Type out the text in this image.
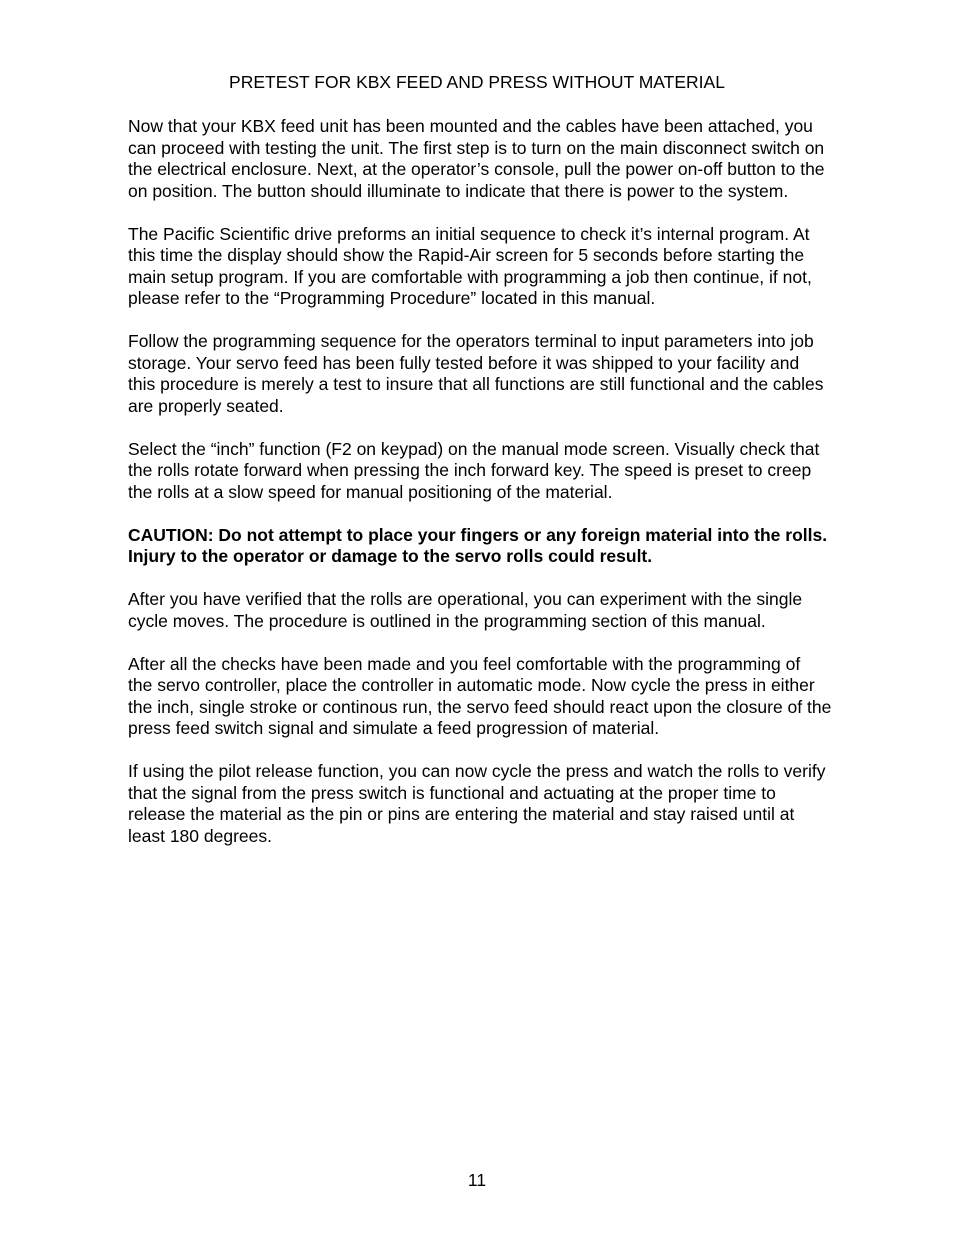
PRETEST FOR KBX FEED AND PRESS WITHOUT MATERIAL

Now that your KBX feed unit has been mounted and the cables have been attached, you
can proceed with testing the unit. The first step is to turn on the main disconnect switch on
the electrical enclosure. Next, at the operator’s console, pull the power on-off button to the
on position. The button should illuminate to indicate that there is power to the system.

The Pacific Scientific drive preforms an initial sequence to check it’s internal program. At
this time the display should show the Rapid-Air screen for 5 seconds before starting the
main setup program. If you are comfortable with programming a job then continue, if not,
please refer to the “Programming Procedure” located in this manual.

Follow the programming sequence for the operators terminal to input parameters into job
storage. Your servo feed has been fully tested before it was shipped to your facility and
this procedure is merely a test to insure that all functions are still functional and the cables
are properly seated.

Select the “inch” function (F2 on keypad) on the manual mode screen. Visually check that
the rolls rotate forward when pressing the inch forward key. The speed is preset to creep
the rolls at a slow speed for manual positioning of the material.

CAUTION: Do not attempt to place your fingers or any foreign material into the rolls.
Injury to the operator or damage to the servo rolls could result.

After you have verified that the rolls are operational, you can experiment with the single
cycle moves. The procedure is outlined in the programming section of this manual.

After all the checks have been made and you feel comfortable with the programming of
the servo controller, place the controller in automatic mode. Now cycle the press in either
the inch, single stroke or continous run, the servo feed should react upon the closure of the
press feed switch signal and simulate a feed progression of material.

If using the pilot release function, you can now cycle the press and watch the rolls to verify
that the signal from the press switch is functional and actuating at the proper time to
release the material as the pin or pins are entering the material and stay raised until at
least 180 degrees.

11
